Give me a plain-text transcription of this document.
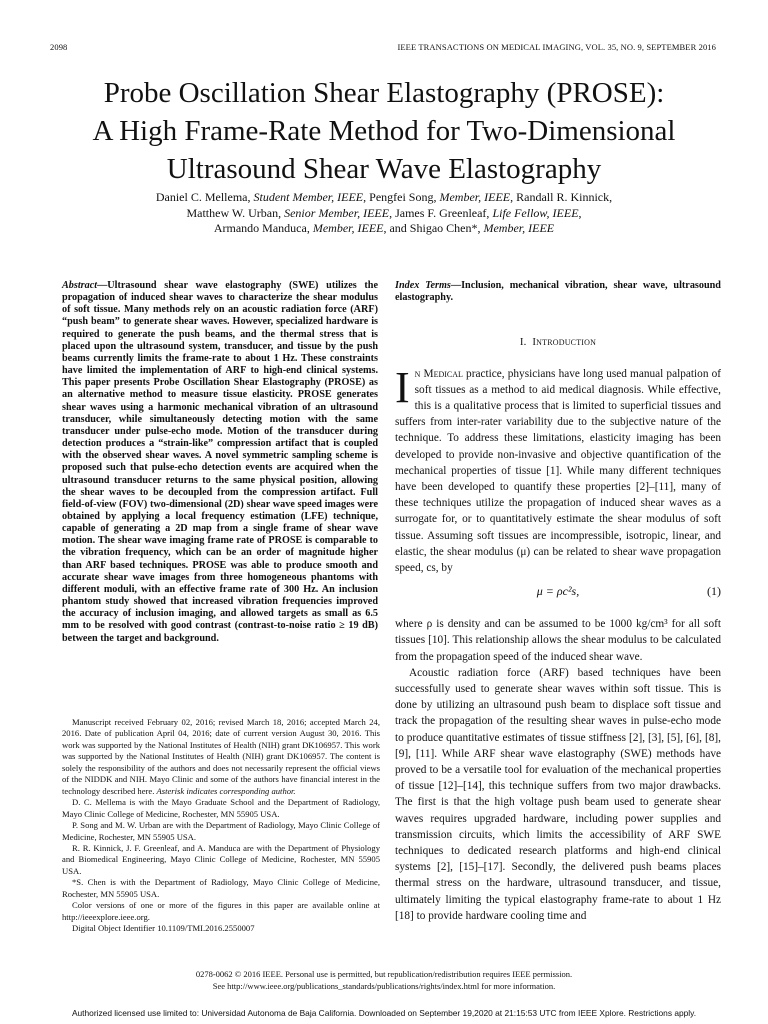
2098	IEEE TRANSACTIONS ON MEDICAL IMAGING, VOL. 35, NO. 9, SEPTEMBER 2016
Probe Oscillation Shear Elastography (PROSE):
A High Frame-Rate Method for Two-Dimensional
Ultrasound Shear Wave Elastography
Daniel C. Mellema, Student Member, IEEE, Pengfei Song, Member, IEEE, Randall R. Kinnick,
Matthew W. Urban, Senior Member, IEEE, James F. Greenleaf, Life Fellow, IEEE,
Armando Manduca, Member, IEEE, and Shigao Chen*, Member, IEEE

Abstract—Ultrasound shear wave elastography (SWE) utilizes the propagation of induced shear waves to characterize the shear modulus of soft tissue. Many methods rely on an acoustic radiation force (ARF) “push beam” to generate shear waves. However, specialized hardware is required to generate the push beams, and the thermal stress that is placed upon the ultrasound system, transducer, and tissue by the push beams currently limits the frame-rate to about 1 Hz. These constraints have limited the implementation of ARF to high-end clinical systems. This paper presents Probe Oscillation Shear Elastography (PROSE) as an alternative method to measure tissue elasticity. PROSE generates shear waves using a harmonic mechanical vibration of an ultrasound transducer, while simultaneously detecting motion with the same transducer under pulse-echo mode. Motion of the transducer during detection produces a “strain-like” compression artifact that is coupled with the observed shear waves. A novel symmetric sampling scheme is proposed such that pulse-echo detection events are acquired when the ultrasound transducer returns to the same physical position, allowing the shear waves to be decoupled from the compression artifact. Full field-of-view (FOV) two-dimensional (2D) shear wave speed images were obtained by applying a local frequency estimation (LFE) technique, capable of generating a 2D map from a single frame of shear wave motion. The shear wave imaging frame rate of PROSE is comparable to the vibration frequency, which can be an order of magnitude higher than ARF based techniques. PROSE was able to produce smooth and accurate shear wave images from three homogeneous phantoms with different moduli, with an effective frame rate of 300 Hz. An inclusion phantom study showed that increased vibration frequencies improved the accuracy of inclusion imaging, and allowed targets as small as 6.5 mm to be resolved with good contrast (contrast-to-noise ratio ≥ 19 dB) between the target and background.

Manuscript received February 02, 2016; revised March 18, 2016; accepted March 24, 2016. Date of publication April 04, 2016; date of current version August 30, 2016. This work was supported by the National Institutes of Health (NIH) grant DK106957. This work was supported by the National Institutes of Health (NIH) grant DK106957. The content is solely the responsibility of the authors and does not necessarily represent the official views of the NIDDK and NIH. Mayo Clinic and some of the authors have financial interest in the technology described here. Asterisk indicates corresponding author.

D. C. Mellema is with the Mayo Graduate School and the Department of Radiology, Mayo Clinic College of Medicine, Rochester, MN 55905 USA.

P. Song and M. W. Urban are with the Department of Radiology, Mayo Clinic College of Medicine, Rochester, MN 55905 USA.

R. R. Kinnick, J. F. Greenleaf, and A. Manduca are with the Department of Physiology and Biomedical Engineering, Mayo Clinic College of Medicine, Rochester, MN 55905 USA.

*S. Chen is with the Department of Radiology, Mayo Clinic College of Medicine, Rochester, MN 55905 USA.

Color versions of one or more of the figures in this paper are available online at http://ieeexplore.ieee.org.

Digital Object Identifier 10.1109/TMI.2016.2550007

Index Terms—Inclusion, mechanical vibration, shear wave, ultrasound elastography.

I. Introduction

In Medical practice, physicians have long used manual palpation of soft tissues as a method to aid medical diagnosis. While effective, this is a qualitative process that is limited to superficial tissues and suffers from inter-rater variability due to the subjective nature of the technique. To address these limitations, elasticity imaging has been developed to provide non-invasive and objective quantification of the mechanical properties of tissue [1]. While many different techniques have been developed to quantify these properties [2]–[11], many of these techniques utilize the propagation of induced shear waves as a surrogate for, or to quantitatively estimate the shear modulus of soft tissue. Assuming soft tissues are incompressible, isotropic, linear, and elastic, the shear modulus (μ) can be related to shear wave propagation speed, cs, by

μ = ρc²s,	(1)

where ρ is density and can be assumed to be 1000 kg/cm³ for all soft tissues [10]. This relationship allows the shear modulus to be calculated from the propagation speed of the induced shear wave.

Acoustic radiation force (ARF) based techniques have been successfully used to generate shear waves within soft tissue. This is done by utilizing an ultrasound push beam to displace soft tissue and track the propagation of the resulting shear waves in pulse-echo mode to produce quantitative estimates of tissue stiffness [2], [3], [5], [6], [8], [9], [11]. While ARF shear wave elastography (SWE) methods have proved to be a versatile tool for evaluation of the mechanical properties of tissue [12]–[14], this technique suffers from two major drawbacks. The first is that the high voltage push beam used to generate shear waves requires upgraded hardware, including power supplies and transmission circuits, which limits the accessibility of ARF SWE techniques to dedicated research platforms and high-end clinical systems [2], [15]–[17]. Secondly, the delivered push beams places thermal stress on the hardware, ultrasound transducer, and tissue, ultimately limiting the typical elastography frame-rate to about 1 Hz [18] to provide hardware cooling time and

0278-0062 © 2016 IEEE. Personal use is permitted, but republication/redistribution requires IEEE permission.
See http://www.ieee.org/publications_standards/publications/rights/index.html for more information.
Authorized licensed use limited to: Universidad Autonoma de Baja California. Downloaded on September 19,2020 at 21:15:53 UTC from IEEE Xplore. Restrictions apply.
